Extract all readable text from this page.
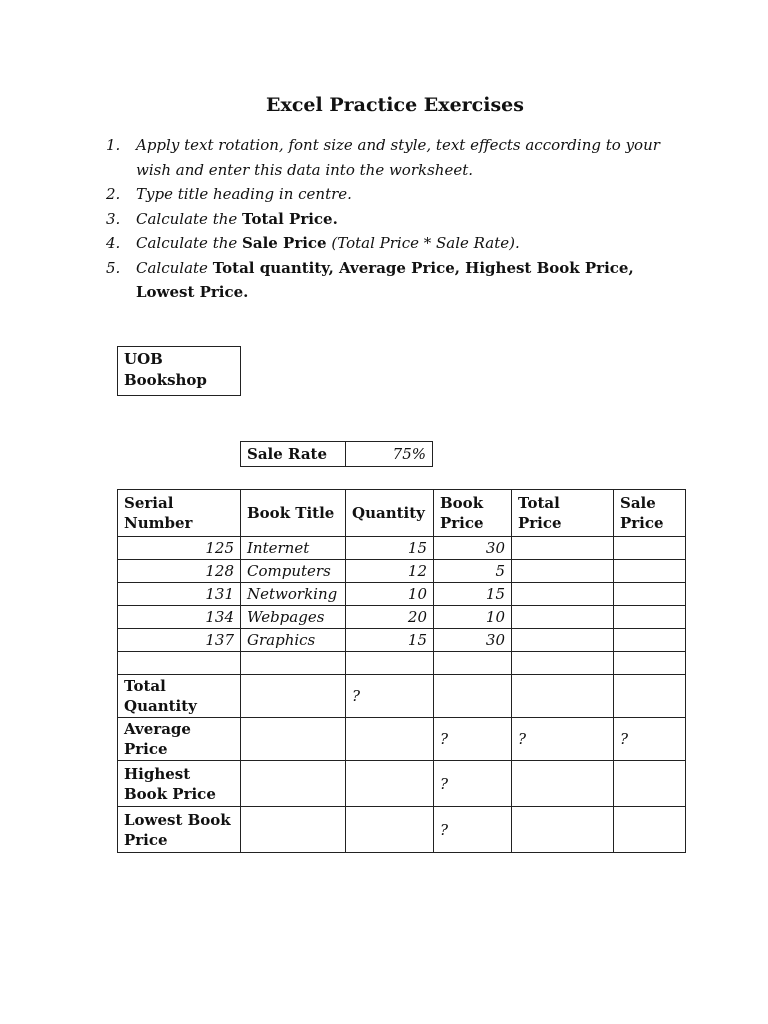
Excel Practice Exercises
1.	Apply text rotation, font size and style, text effects according to your wish and enter this data into the worksheet.
2.	Type title heading in centre.
3.	Calculate the Total Price.
4.	Calculate the Sale Price (Total Price * Sale Rate).
5.	Calculate Total quantity, Average Price, Highest Book Price, Lowest Price.
UOB Bookshop
Sale Rate	75%
Serial Number	Book Title	Quantity	Book Price	Total Price	Sale Price
125	Internet	15	30		
128	Computers	12	5		
131	Networking	10	15		
134	Webpages	20	10		
137	Graphics	15	30		

Total Quantity		?			
Average Price			?	?	?
Highest Book Price			?		
Lowest Book Price			?		
